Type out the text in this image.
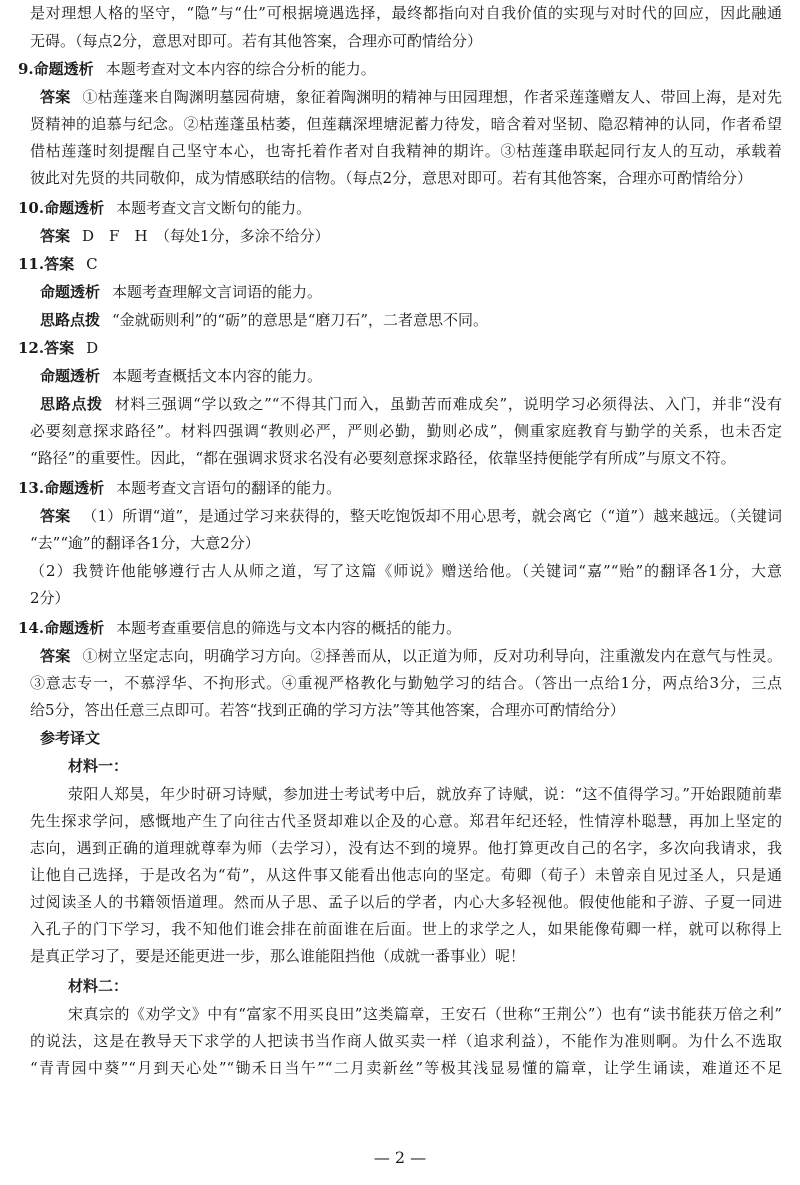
是对理想人格的坚守，“隐”与“仕”可根据境遇选择，最终都指向对自我价值的实现与对时代的回应，因此融通
无碍。（每点2分，意思对即可。若有其他答案，合理亦可酌情给分）
9.命题透析 本题考查对文本内容的综合分析的能力。
答案 ①枯莲蓬来自陶渊明墓园荷塘，象征着陶渊明的精神与田园理想，作者采莲蓬赠友人、带回上海，是对先
贤精神的追慕与纪念。②枯莲蓬虽枯萎，但莲藕深埋塘泥蓄力待发，暗含着对坚韧、隐忍精神的认同，作者希望
借枯莲蓬时刻提醒自己坚守本心，也寄托着作者对自我精神的期许。③枯莲蓬串联起同行友人的互动，承载着
彼此对先贤的共同敬仰，成为情感联结的信物。（每点2分，意思对即可。若有其他答案，合理亦可酌情给分）
10.命题透析 本题考查文言文断句的能力。
答案 D　F　H　（每处1分，多涂不给分）
11.答案 C
命题透析 本题考查理解文言词语的能力。
思路点拨 “金就砺则利”的“砺”的意思是“磨刀石”，二者意思不同。
12.答案 D
命题透析 本题考查概括文本内容的能力。
思路点拨 材料三强调“学以致之”“不得其门而入，虽勤苦而难成矣”，说明学习必须得法、入门，并非“没有
必要刻意探求路径”。材料四强调“教则必严，严则必勤，勤则必成”，侧重家庭教育与勤学的关系，也未否定
“路径”的重要性。因此，“都在强调求贤求名没有必要刻意探求路径，依靠坚持便能学有所成”与原文不符。
13.命题透析 本题考查文言语句的翻译的能力。
答案 （1）所谓“道”，是通过学习来获得的，整天吃饱饭却不用心思考，就会离它（“道”）越来越远。（关键词
“去”“逾”的翻译各1分，大意2分）
（2）我赞许他能够遵行古人从师之道，写了这篇《师说》赠送给他。（关键词“嘉”“贻”的翻译各1分，大意
2分）
14.命题透析 本题考查重要信息的筛选与文本内容的概括的能力。
答案 ①树立坚定志向，明确学习方向。②择善而从，以正道为师，反对功利导向，注重激发内在意气与性灵。
③意志专一，不慕浮华、不拘形式。④重视严格教化与勤勉学习的结合。（答出一点给1分，两点给3分，三点
给5分，答出任意三点即可。若答“找到正确的学习方法”等其他答案，合理亦可酌情给分）
参考译文
材料一：
荥阳人郑昊，年少时研习诗赋，参加进士考试考中后，就放弃了诗赋，说：“这不值得学习。”开始跟随前辈
先生探求学问，感慨地产生了向往古代圣贤却难以企及的心意。郑君年纪还轻，性情淳朴聪慧，再加上坚定的
志向，遇到正确的道理就尊奉为师（去学习），没有达不到的境界。他打算更改自己的名字，多次向我请求，我
让他自己选择，于是改名为“荀”，从这件事又能看出他志向的坚定。荀卿（荀子）未曾亲自见过圣人，只是通
过阅读圣人的书籍领悟道理。然而从子思、孟子以后的学者，内心大多轻视他。假使他能和子游、子夏一同进
入孔子的门下学习，我不知他们谁会排在前面谁在后面。世上的求学之人，如果能像荀卿一样，就可以称得上
是真正学习了，要是还能更进一步，那么谁能阻挡他（成就一番事业）呢！
材料二：
宋真宗的《劝学文》中有“富家不用买良田”这类篇章，王安石（世称“王荆公”）也有“读书能获万倍之利”
的说法，这是在教导天下求学的人把读书当作商人做买卖一样（追求利益），不能作为准则啊。为什么不选取
“青青园中葵”“月到天心处”“锄禾日当午”“二月卖新丝”等极其浅显易懂的篇章，让学生诵读，难道还不足
— 2 —
